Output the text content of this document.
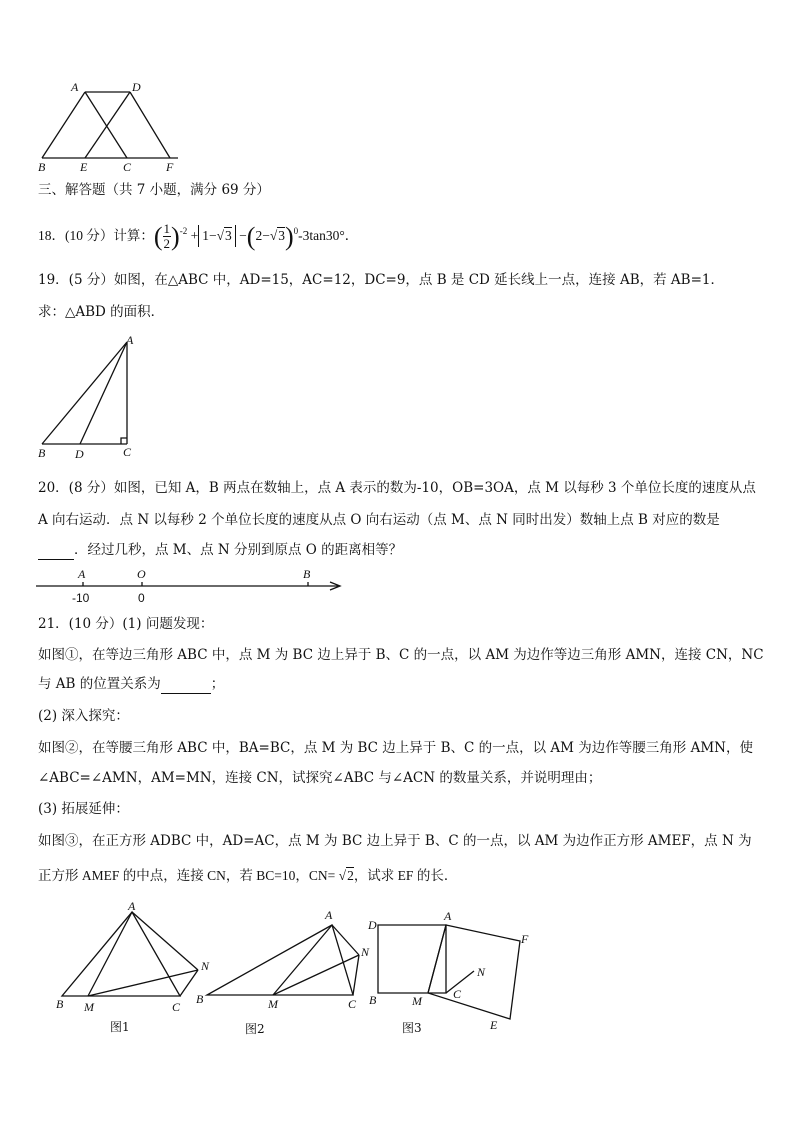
A	D
B	E	C	F
三、解答题（共 7 小题，满分 69 分）
18．(10 分）计算：( $\frac{1}{2} )^{-2} + 1-√3 -(2-√3)^0-3\tan 30^\circ$．
19．(5 分）如图，在△ABC 中，AD=15，AC=12，DC=9，点 B 是 CD 延长线上一点，连接 AB，若 AB=1．
求：△ABD 的面积．
A
B D	C
20．(8 分）如图，已知 A，B 两点在数轴上，点 A 表示的数为-10，OB=3OA，点 M 以每秒 3 个单位长度的速度从点
A 向右运动．点 N 以每秒 2 个单位长度的速度从点 O 向右运动（点 M、点 N 同时出发）数轴上点 B 对应的数是
．经过几秒，点 M、点 N 分别到原点 O 的距离相等？
A	O	B
-10	0
21．(10 分）(1) 问题发现：
如图①，在等边三角形 ABC 中，点 M 为 BC 边上异于 B、C 的一点，以 AM 为边作等边三角形 AMN，连接 CN，NC
与 AB 的位置关系为	；
(2) 深入探究：
如图②，在等腰三角形 ABC 中，BA=BC，点 M 为 BC 边上异于 B、C 的一点，以 AM 为边作等腰三角形 AMN，使
∠ABC=∠AMN，AM=MN，连接 CN，试探究∠ABC 与∠ACN 的数量关系，并说明理由；
(3) 拓展延伸：
如图③，在正方形 ADBC 中，AD=AC，点 M 为 BC 边上异于 B、C 的一点，以 AM 为边作正方形 AMEF，点 N 为
正方形 AMEF 的中点，连接 CN，若 BC=10，CN= √2，试求 EF 的长．
A
B M	C
N
图1
A
B	M	C
N
图2
D
A
F
N
B	M	C
E
图3
